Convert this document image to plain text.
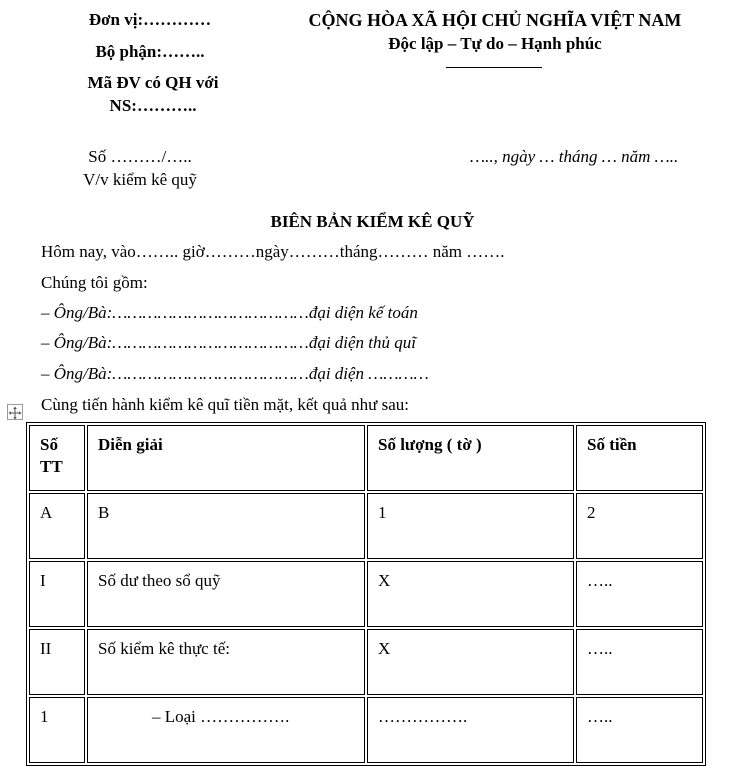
Đơn vị:…………
Bộ phận:……..
Mã ĐV có QH với
NS:………..
CỘNG HÒA XÃ HỘI CHỦ NGHĨA VIỆT NAM
Độc lập – Tự do – Hạnh phúc
Số ………/…..
V/v kiểm kê quỹ
….., ngày … tháng … năm …..
BIÊN BẢN KIỂM KÊ QUỸ
Hôm nay, vào…….. giờ………ngày………tháng……… năm …….
Chúng tôi gồm:
– Ông/Bà:…………………………………đại diện kế toán
– Ông/Bà:…………………………………đại diện thủ quĩ
– Ông/Bà:…………………………………đại diện …………
Cùng tiến hành kiểm kê quĩ tiền mặt, kết quả như sau:
Số TT	Diễn giải	Số lượng ( tờ )	Số tiền
A	B	1	2
I	Số dư theo sổ quỹ	X	…..
II	Số kiểm kê thực tế:	X	…..
1	– Loại …………….	…………….	…..
